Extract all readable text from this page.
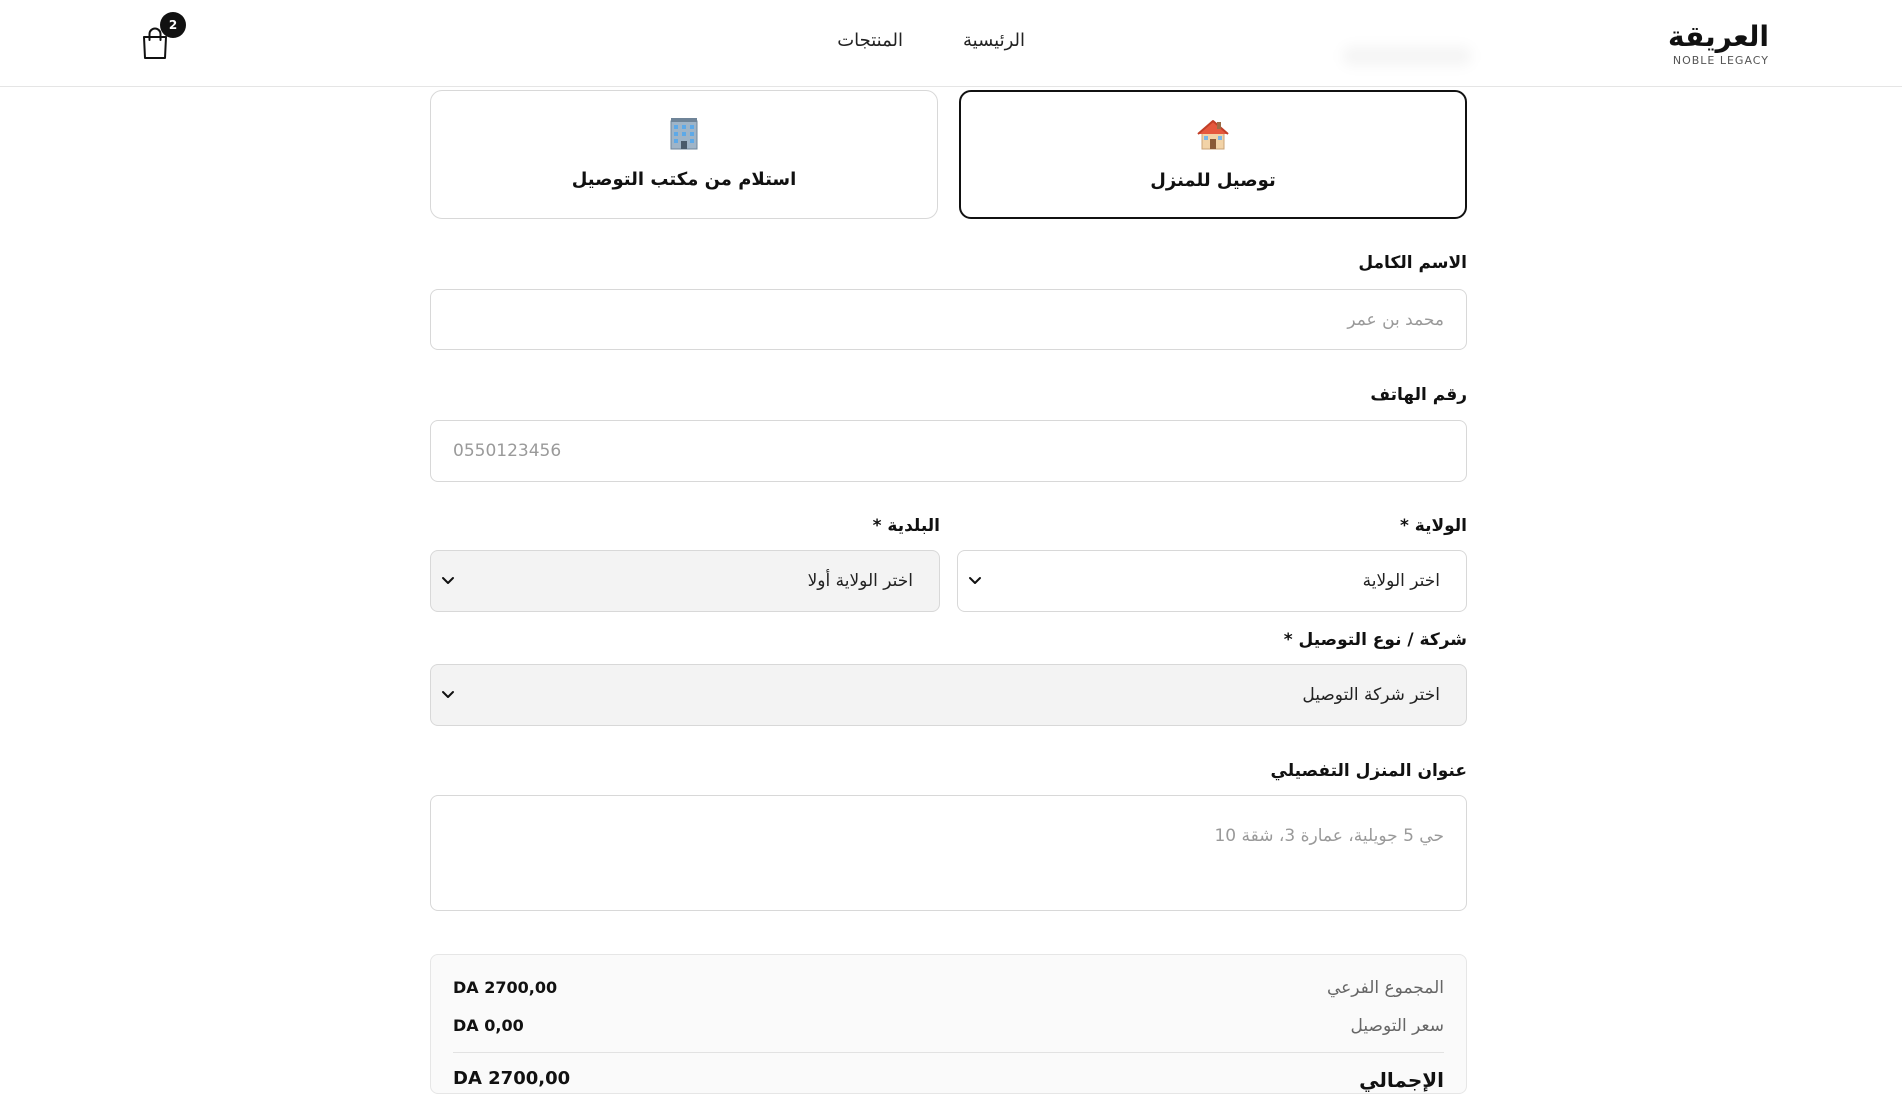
العريقة
NOBLE LEGACY
الرئيسية
المنتجات
2
توصيل للمنزل
استلام من مكتب التوصيل
الاسم الكامل
محمد بن عمر
رقم الهاتف
0550123456
الولاية *
اختر الولاية
البلدية *
اختر الولاية أولا
شركة / نوع التوصيل *
اختر شركة التوصيل
عنوان المنزل التفصيلي
حي 5 جويلية، عمارة 3، شقة 10
المجموع الفرعي
DA 2700,00
سعر التوصيل
DA 0,00
الإجمالي
DA 2700,00
